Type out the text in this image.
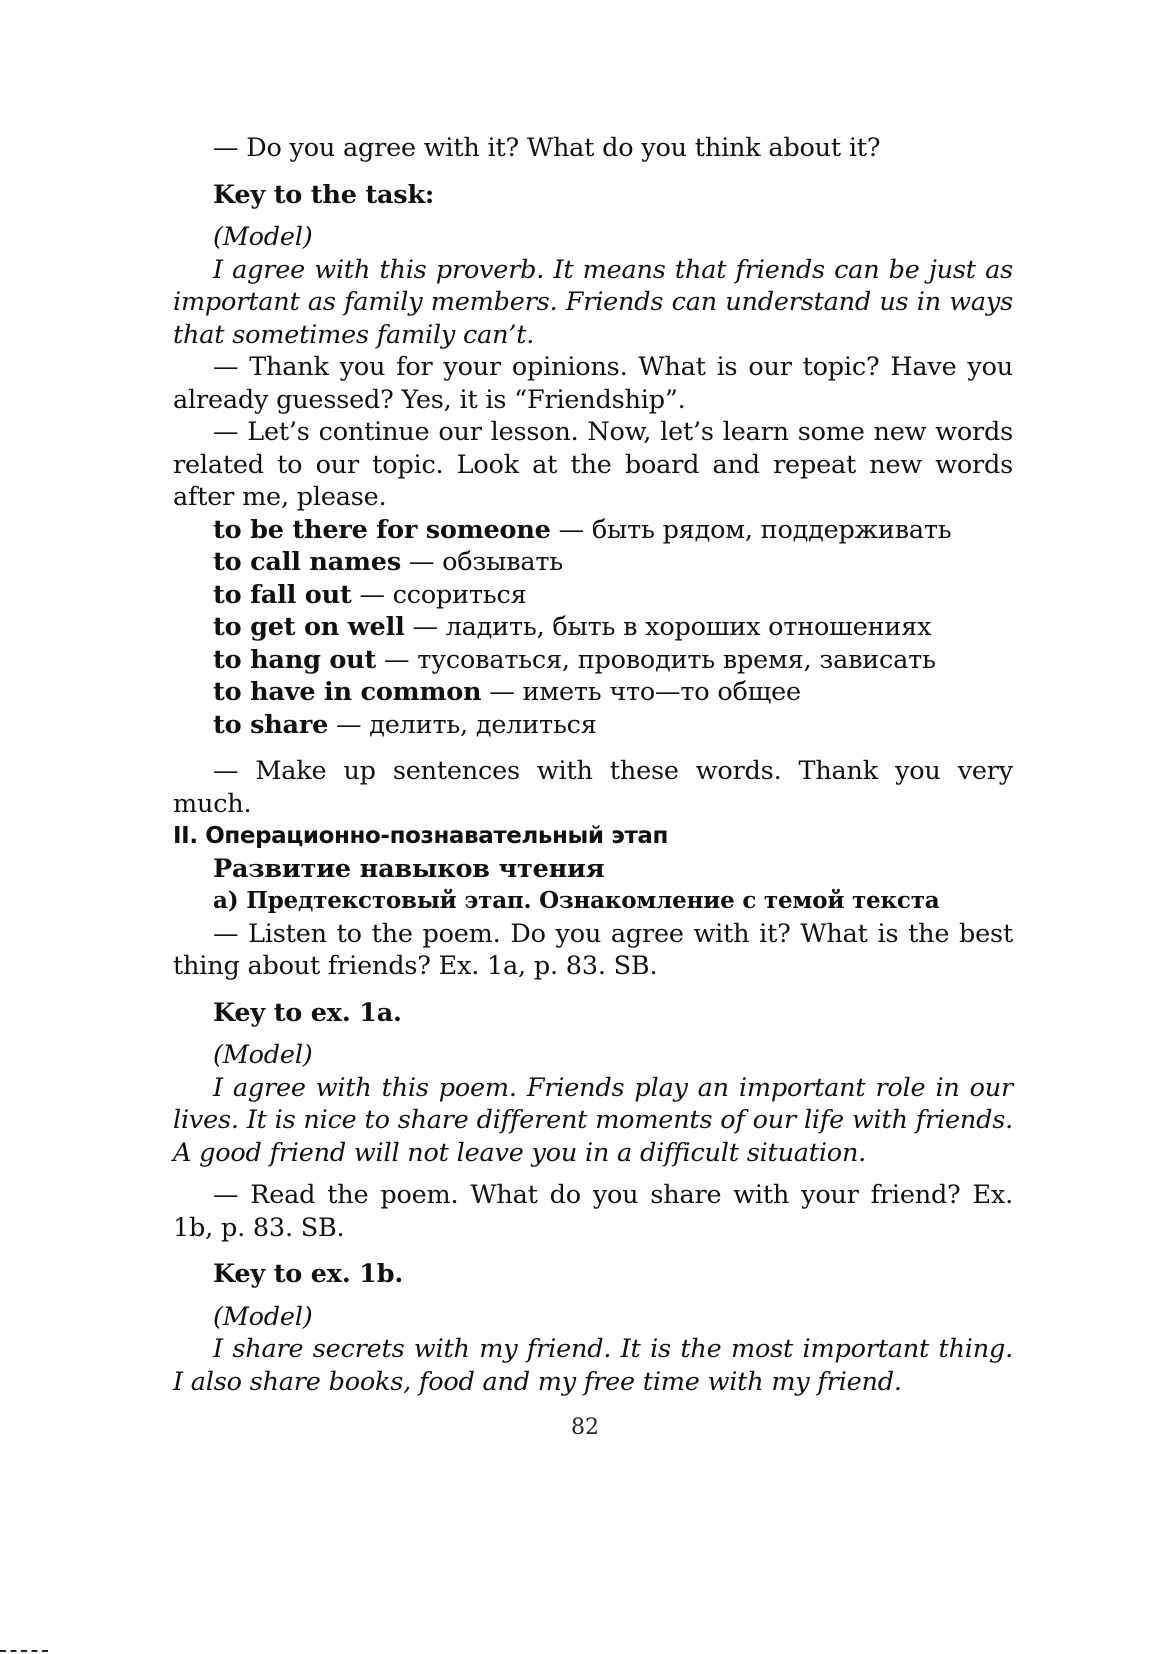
— Do you agree with it? What do you think about it?

Key to the task:

(Model)

I agree with this proverb. It means that friends can be just as important as family members. Friends can understand us in ways that sometimes family can’t.

— Thank you for your opinions. What is our topic? Have you already guessed? Yes, it is “Friendship”.

— Let’s continue our lesson. Now, let’s learn some new words related to our topic. Look at the board and repeat new words after me, please.

to be there for someone — быть рядом, поддерживать
to call names — обзывать
to fall out — ссориться
to get on well — ладить, быть в хороших отношениях
to hang out — тусоваться, проводить время, зависать
to have in common — иметь что—то общее
to share — делить, делиться

— Make up sentences with these words. Thank you very much.

II. Операционно-познавательный этап

Развитие навыков чтения

а) Предтекстовый этап. Ознакомление с темой текста

— Listen to the poem. Do you agree with it? What is the best thing about friends? Ex. 1a, p. 83. SB.

Key to ex. 1a.

(Model)

I agree with this poem. Friends play an important role in our lives. It is nice to share different moments of our life with friends. A good friend will not leave you in a difficult situation.

— Read the poem. What do you share with your friend? Ex. 1b, p. 83. SB.

Key to ex. 1b.

(Model)

I share secrets with my friend. It is the most important thing. I also share books, food and my free time with my friend.

82
